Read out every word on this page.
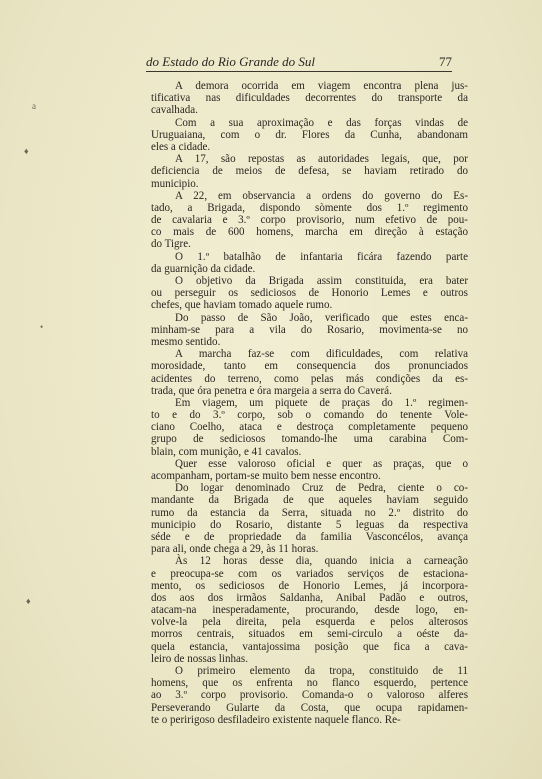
a
♦
•
♦
do Estado do Rio Grande do Sul	77
A demora ocorrida em viagem encontra plena jus-
tificativa nas dificuldades decorrentes do transporte da
cavalhada.
Com a sua aproximação e das forças vindas de
Uruguaiana, com o dr. Flores da Cunha, abandonam
eles a cidade.
A 17, são repostas as autoridades legais, que, por
deficiencia de meios de defesa, se haviam retirado do
municipio.
A 22, em observancia a ordens do governo do Es-
tado, a Brigada, dispondo sòmente dos 1.º regimento
de cavalaria e 3.º corpo provisorio, num efetivo de pou-
co mais de 600 homens, marcha em direção à estação
do Tigre.
O 1.º batalhão de infantaria ficára fazendo parte
da guarnição da cidade.
O objetivo da Brigada assim constituida, era bater
ou perseguir os sediciosos de Honorio Lemes e outros
chefes, que haviam tomado aquele rumo.
Do passo de São João, verificado que estes enca-
minham-se para a vila do Rosario, movimenta-se no
mesmo sentido.
A marcha faz-se com dificuldades, com relativa
morosidade, tanto em consequencia dos pronunciados
acidentes do terreno, como pelas más condições da es-
trada, que óra penetra e óra margeia a serra do Caverá.
Em viagem, um piquete de praças do 1.º regimen-
to e do 3.º corpo, sob o comando do tenente Vole-
ciano Coelho, ataca e destroça completamente pequeno
grupo de sediciosos tomando-lhe uma carabina Com-
blain, com munição, e 41 cavalos.
Quer esse valoroso oficial e quer as praças, que o
acompanham, portam-se muito bem nesse encontro.
Do logar denominado Cruz de Pedra, ciente o co-
mandante da Brigada de que aqueles haviam seguido
rumo da estancia da Serra, situada no 2.º distrito do
municipio do Rosario, distante 5 leguas da respectiva
séde e de propriedade da familia Vasconcélos, avança
para ali, onde chega a 29, às 11 horas.
Às 12 horas desse dia, quando inicia a carneação
e preocupa-se com os variados serviços de estaciona-
mento, os sediciosos de Honorio Lemes, já incorpora-
dos aos dos irmãos Saldanha, Anibal Padão e outros,
atacam-na inesperadamente, procurando, desde logo, en-
volve-la pela direita, pela esquerda e pelos alterosos
morros centrais, situados em semi-circulo a oéste da-
quela estancia, vantajossima posição que fica a cava-
leiro de nossas linhas.
O primeiro elemento da tropa, constituido de 11
homens, que os enfrenta no flanco esquerdo, pertence
ao 3.º corpo provisorio. Comanda-o o valoroso alferes
Perseverando Gularte da Costa, que ocupa rapidamen-
te o peririgoso desfiladeiro existente naquele flanco. Re-
